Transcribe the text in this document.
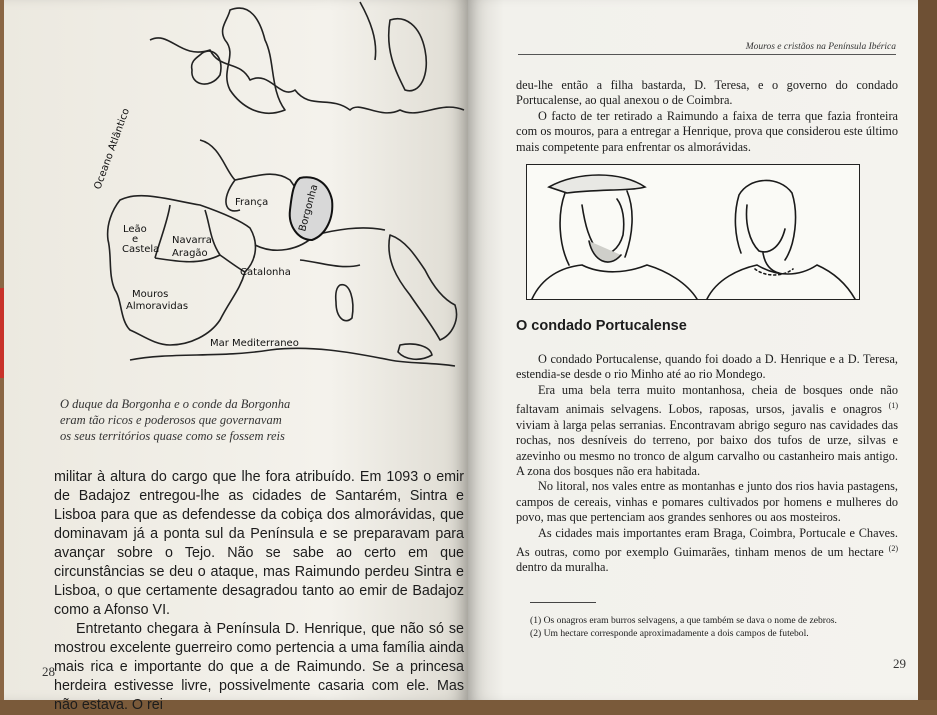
Oceano Atlântico
França
Leão
e
Castela
Navarra
Aragão
Borgonha
Catalonha
Mouros
Almoravidas
Mar Mediterraneo
O duque da Borgonha e o conde da Borgonha
eram tão ricos e poderosos que governavam
os seus territórios quase como se fossem reis

militar à altura do cargo que lhe fora atribuído. Em 1093 o emir de Badajoz entregou-lhe as cidades de Santarém, Sintra e Lisboa para que as defendesse da cobiça dos almorávidas, que dominavam já a ponta sul da Península e se preparavam para avançar sobre o Tejo. Não se sabe ao certo em que circunstâncias se deu o ataque, mas Raimundo perdeu Sintra e Lisboa, o que certamente desagradou tanto ao emir de Badajoz como a Afonso VI.

Entretanto chegara à Península D. Henrique, que não só se mostrou excelente guerreiro como pertencia a uma família ainda mais rica e importante do que a de Raimundo. Se a princesa herdeira estivesse livre, possivelmente casaria com ele. Mas não estava. O rei

28
Mouros e cristãos na Península Ibérica

deu-lhe então a filha bastarda, D. Teresa, e o governo do condado Portucalense, ao qual anexou o de Coimbra.

O facto de ter retirado a Raimundo a faixa de terra que fazia fronteira com os mouros, para a entregar a Henrique, prova que considerou este último mais competente para enfrentar os almorávidas.

O condado Portucalense

O condado Portucalense, quando foi doado a D. Henrique e a D. Teresa, estendia-se desde o rio Minho até ao rio Mondego.

Era uma bela terra muito montanhosa, cheia de bosques onde não faltavam animais selvagens. Lobos, raposas, ursos, javalis e onagros $^{(1)}$ viviam à larga pelas serranias. Encontravam abrigo seguro nas cavidades das rochas, nos desníveis do terreno, por baixo dos tufos de urze, silvas e azevinho ou mesmo no tronco de algum carvalho ou castanheiro mais antigo. A zona dos bosques não era habitada.

No litoral, nos vales entre as montanhas e junto dos rios havia pastagens, campos de cereais, vinhas e pomares cultivados por homens e mulheres do povo, mas que pertenciam aos grandes senhores ou aos mosteiros.

As cidades mais importantes eram Braga, Coimbra, Portucale e Chaves. As outras, como por exemplo Guimarães, tinham menos de um hectare $^{(2)}$ dentro da muralha.

(1) Os onagros eram burros selvagens, a que também se dava o nome de zebros.

(2) Um hectare corresponde aproximadamente a dois campos de futebol.

29
